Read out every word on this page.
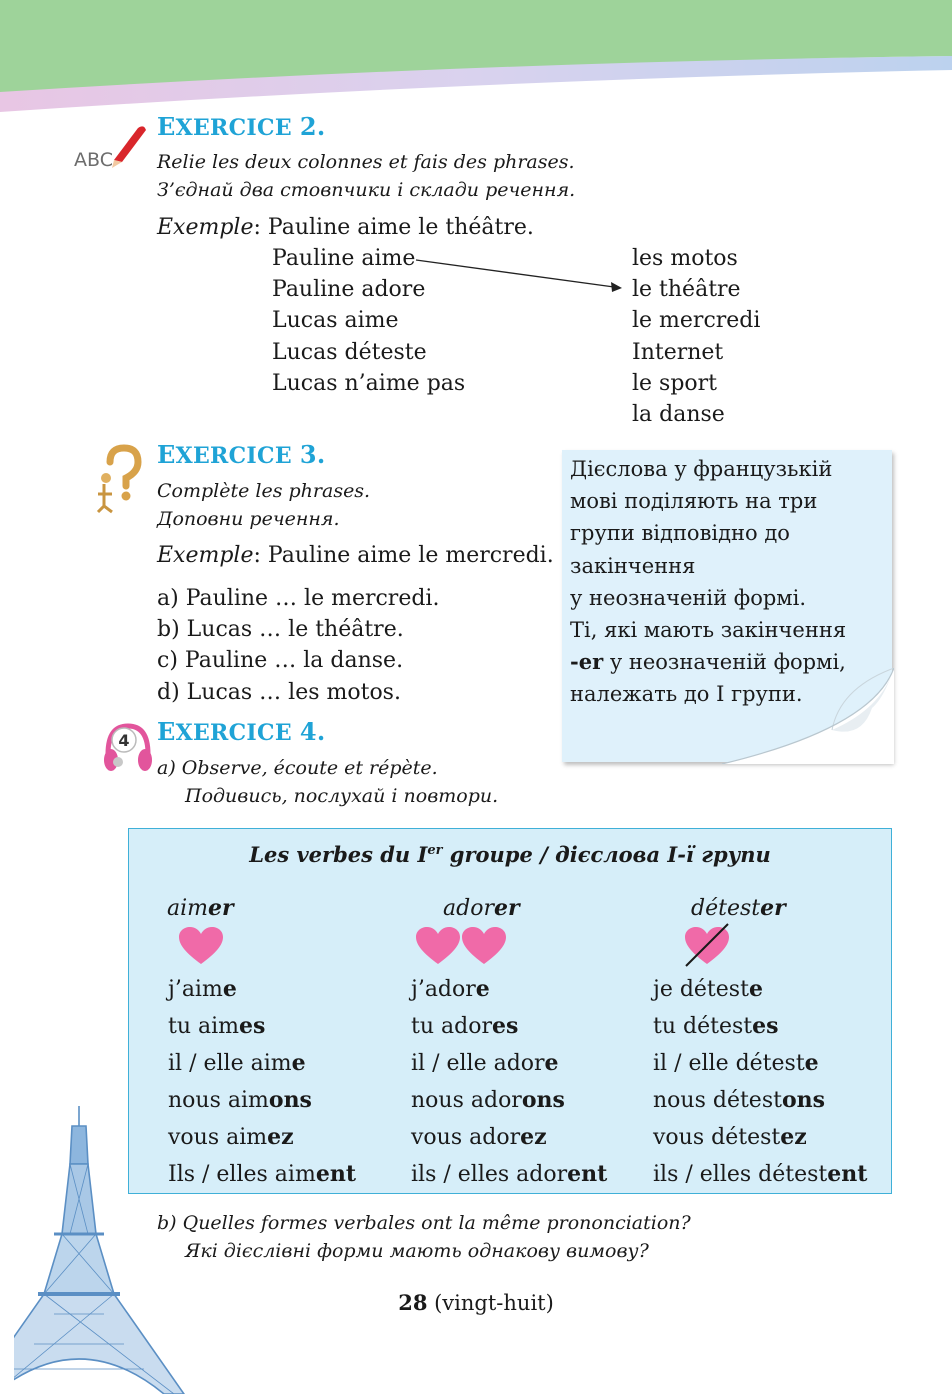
ABC
EXERCICE 2.
Relie les deux colonnes et fais des phrases.
З’єднай два стовпчики і склади речення.
Exemple: Pauline aime le théâtre.
Pauline aime
Pauline adore
Lucas aime
Lucas déteste
Lucas n’aime pas
les motos
le théâtre
le mercredi
Internet
le sport
la danse
EXERCICE 3.
Complète les phrases.
Доповни речення.
Exemple: Pauline aime le mercredi.
a) Pauline … le mercredi.
b) Lucas … le théâtre.
c) Pauline … la danse.
d) Lucas … les motos.
Дієслова у французькій
мові поділяють на три
групи відповідно до
закінчення
у неозначеній формі.
Ті, які мають закінчення
-er у неозначеній формі,
належать до I групи.
4 EXERCICE 4.
a) Observe, écoute et répète.
Подивись, послухай і повтори.
Les verbes du Ier groupe / дієслова I-ї групи
aimer	adorer	détester
j’aime
tu aimes
il / elle aime
nous aimons
vous aimez
Ils / elles aiment
j’adore
tu adores
il / elle adore
nous adorons
vous adorez
ils / elles adorent
je déteste
tu détestes
il / elle déteste
nous détestons
vous détestez
ils / elles détestent
b) Quelles formes verbales ont la même prononciation?
Які дієслівні форми мають однакову вимову?
28 (vingt-huit)
